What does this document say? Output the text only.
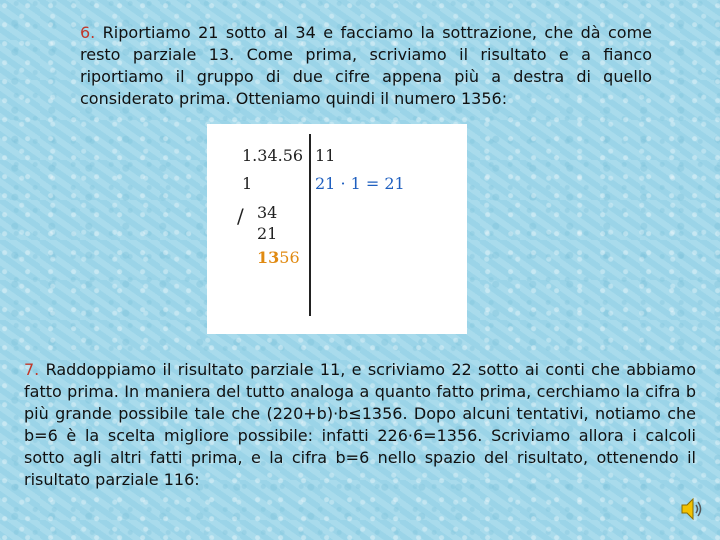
6. Riportiamo 21 sotto al 34 e facciamo la sottrazione, che dà come resto parziale 13. Come prima, scriviamo il risultato e a fianco riportiamo il gruppo di due cifre appena più a destra di quello considerato prima. Otteniamo quindi il numero 1356:
1.34.56 11
1	21 · 1 = 21
/ 34
21
1356
7. Raddoppiamo il risultato parziale 11, e scriviamo 22 sotto ai conti che abbiamo fatto prima. In maniera del tutto analoga a quanto fatto prima, cerchiamo la cifra b più grande possibile tale che (220+b)·b≤1356. Dopo alcuni tentativi, notiamo che b=6 è la scelta migliore possibile: infatti 226·6=1356. Scriviamo allora i calcoli sotto agli altri fatti prima, e la cifra b=6 nello spazio del risultato, ottenendo il risultato parziale 116:
